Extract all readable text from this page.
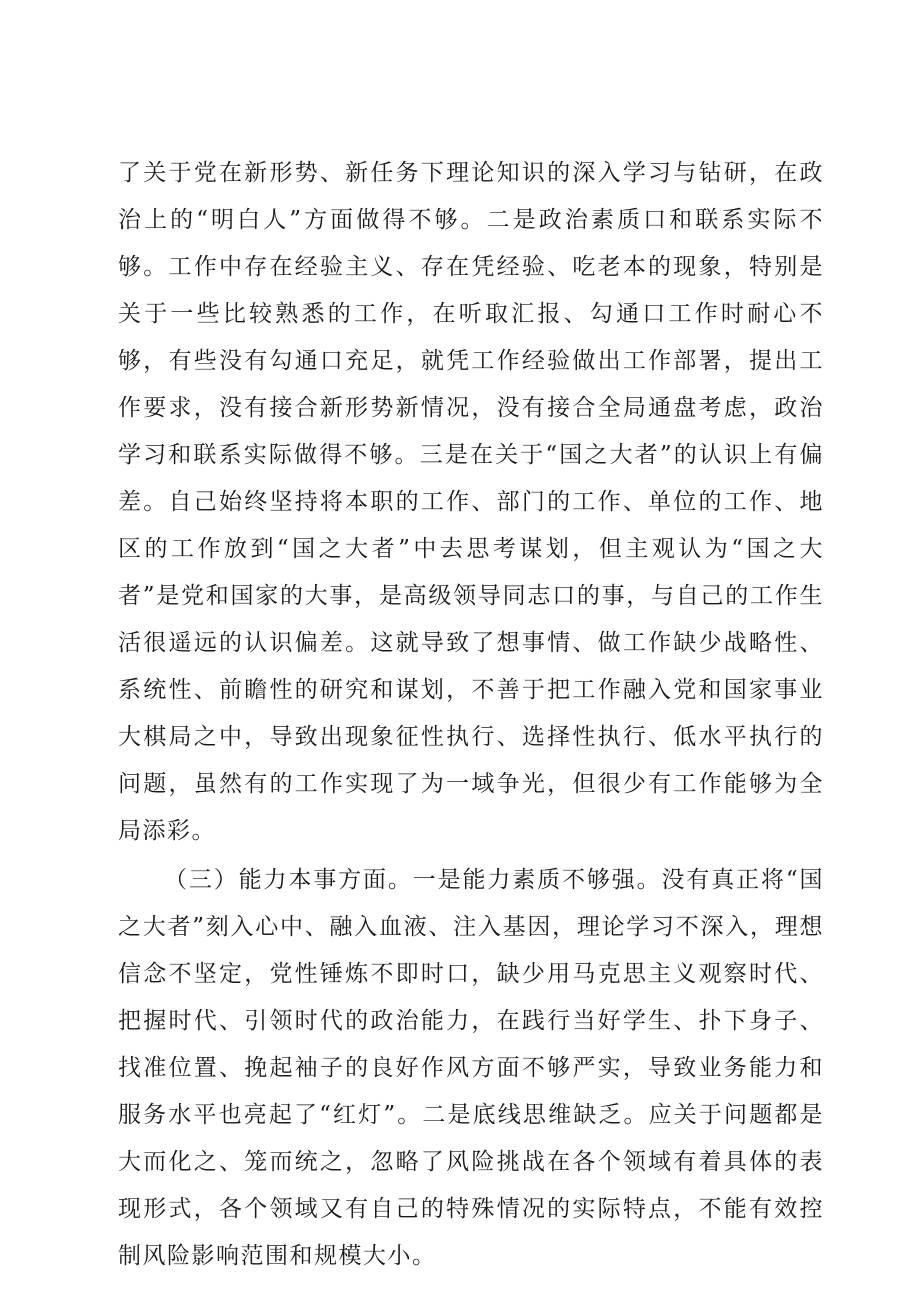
了关于党在新形势、新任务下理论知识的深入学习与钻研，在政治上的“明白人”方面做得不够。二是政治素质口和联系实际不够。工作中存在经验主义、存在凭经验、吃老本的现象，特别是关于一些比较熟悉的工作，在听取汇报、勾通口工作时耐心不够，有些没有勾通口充足，就凭工作经验做出工作部署，提出工作要求，没有接合新形势新情况，没有接合全局通盘考虑，政治学习和联系实际做得不够。三是在关于“国之大者”的认识上有偏差。自己始终坚持将本职的工作、部门的工作、单位的工作、地区的工作放到“国之大者”中去思考谋划，但主观认为“国之大者”是党和国家的大事，是高级领导同志口的事，与自己的工作生活很遥远的认识偏差。这就导致了想事情、做工作缺少战略性、系统性、前瞻性的研究和谋划，不善于把工作融入党和国家事业大棋局之中，导致出现象征性执行、选择性执行、低水平执行的问题，虽然有的工作实现了为一域争光，但很少有工作能够为全局添彩。

（三）能力本事方面。一是能力素质不够强。没有真正将“国之大者”刻入心中、融入血液、注入基因，理论学习不深入，理想信念不坚定，党性锤炼不即时口，缺少用马克思主义观察时代、把握时代、引领时代的政治能力，在践行当好学生、扑下身子、找准位置、挽起袖子的良好作风方面不够严实，导致业务能力和服务水平也亮起了“红灯”。二是底线思维缺乏。应关于问题都是大而化之、笼而统之，忽略了风险挑战在各个领域有着具体的表现形式，各个领域又有自己的特殊情况的实际特点，不能有效控制风险影响范围和规模大小。
